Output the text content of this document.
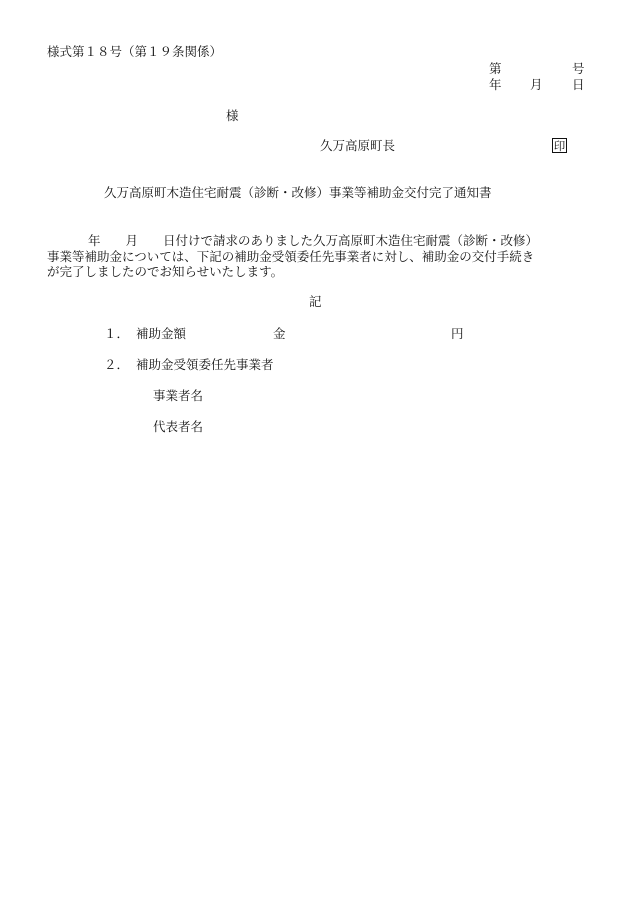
様式第１８号（第１９条関係）
第	号
年 月 日
様
久万高原町長	印
久万高原町木造住宅耐震（診断・改修）事業等補助金交付完了通知書
年　　月　　日付けで請求のありました久万高原町木造住宅耐震（診断・改修）
事業等補助金については、下記の補助金受領委任先事業者に対し、補助金の交付手続き
が完了しましたのでお知らせいたします。
記
１． 補助金額	金	円
２． 補助金受領委任先事業者
事業者名
代表者名
